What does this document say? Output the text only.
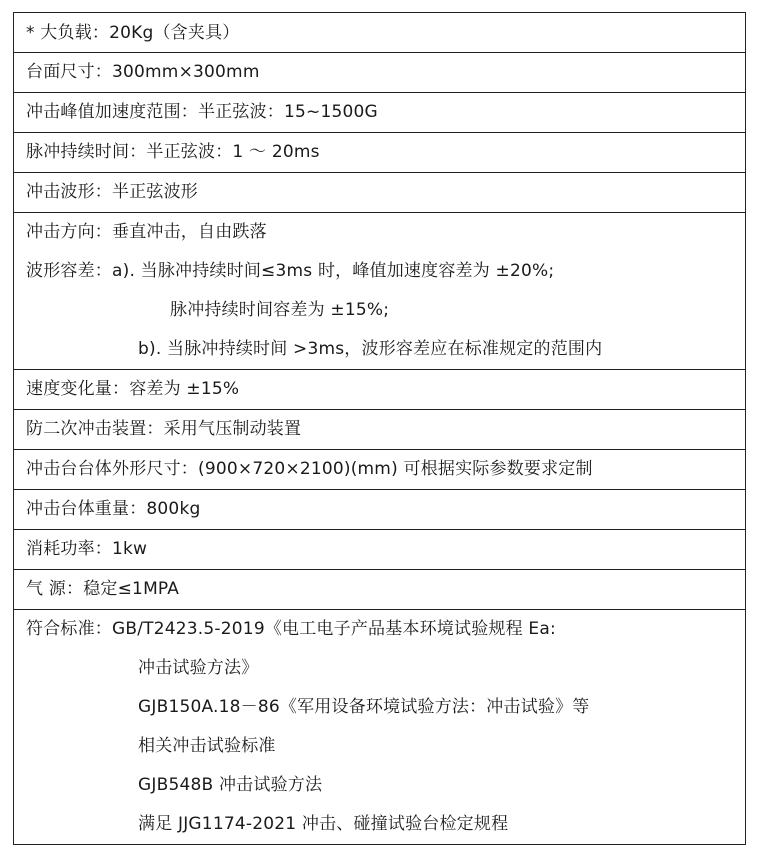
* 大负载：20Kg（含夹具）
台面尺寸：300mm×300mm
冲击峰值加速度范围：半正弦波：15~1500G
脉冲持续时间：半正弦波：1 ～ 20ms
冲击波形：半正弦波形
冲击方向：垂直冲击，自由跌落
波形容差：a). 当脉冲持续时间≤3ms 时，峰值加速度容差为 ±20%;
脉冲持续时间容差为 ±15%;
b). 当脉冲持续时间 >3ms，波形容差应在标准规定的范围内
速度变化量：容差为 ±15%
防二次冲击装置：采用气压制动装置
冲击台台体外形尺寸：(900×720×2100)(mm) 可根据实际参数要求定制
冲击台体重量：800kg
消耗功率：1kw
气 源：稳定≤1MPA
符合标准：GB/T2423.5-2019《电工电子产品基本环境试验规程 Ea:
冲击试验方法》
GJB150A.18－86《军用设备环境试验方法：冲击试验》等
相关冲击试验标准
GJB548B 冲击试验方法
满足 JJG1174-2021 冲击、碰撞试验台检定规程
